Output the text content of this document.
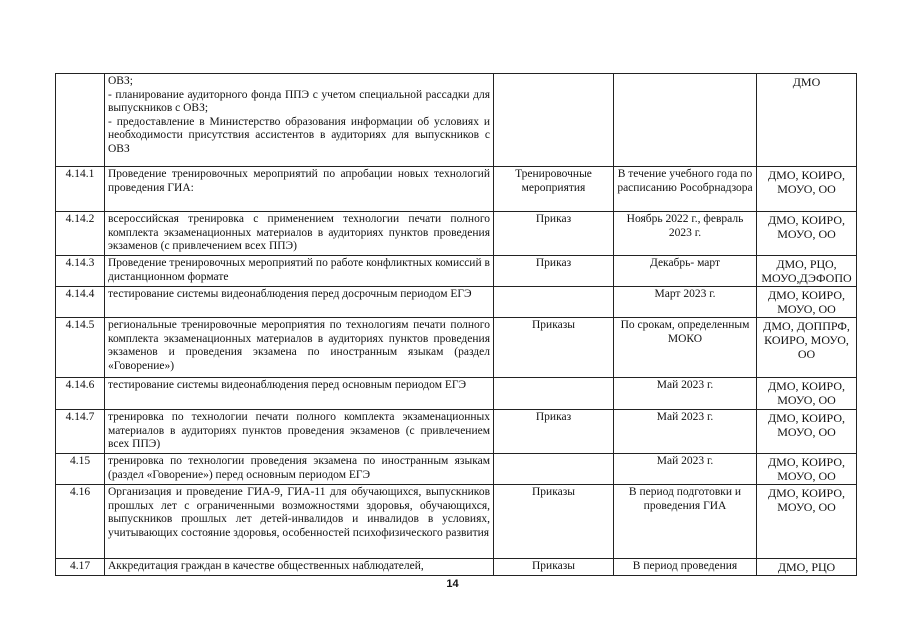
	ОВЗ;
- планирование аудиторного фонда ППЭ с учетом специальной рассадки для выпускников с ОВЗ;
- предоставление в Министерство образования информации об условиях и необходимости присутствия ассистентов в аудиториях для выпускников с ОВЗ			ДМО
4.14.1	Проведение тренировочных мероприятий по апробации новых технологий проведения ГИА:	Тренировочные мероприятия	В течение учебного года по расписанию Рособрнадзора	ДМО, КОИРО, МОУО, ОО
4.14.2	всероссийская тренировка с применением технологии печати полного комплекта экзаменационных материалов в аудиториях пунктов проведения экзаменов (с привлечением всех ППЭ)	Приказ	Ноябрь 2022 г., февраль 2023 г.	ДМО, КОИРО, МОУО, ОО
4.14.3	Проведение тренировочных мероприятий по работе конфликтных комиссий в дистанционном формате	Приказ	Декабрь- март	ДМО, РЦО, МОУО,ДЭФОПО
4.14.4	тестирование системы видеонаблюдения перед досрочным периодом ЕГЭ		Март 2023 г.	ДМО, КОИРО, МОУО, ОО
4.14.5	региональные тренировочные мероприятия по технологиям печати полного комплекта экзаменационных материалов в аудиториях пунктов проведения экзаменов и проведения экзамена по иностранным языкам (раздел «Говорение»)	Приказы	По срокам, определенным МОКО	ДМО, ДОППРФ, КОИРО, МОУО, ОО
4.14.6	тестирование системы видеонаблюдения перед основным периодом ЕГЭ		Май 2023 г.	ДМО, КОИРО, МОУО, ОО
4.14.7	тренировка по технологии печати полного комплекта экзаменационных материалов в аудиториях пунктов проведения экзаменов (с привлечением всех ППЭ)	Приказ	Май 2023 г.	ДМО, КОИРО, МОУО, ОО
4.15	тренировка по технологии проведения экзамена по иностранным языкам (раздел «Говорение») перед основным периодом ЕГЭ		Май 2023 г.	ДМО, КОИРО, МОУО, ОО
4.16	Организация и проведение ГИА-9, ГИА-11 для обучающихся, выпускников прошлых лет с ограниченными возможностями здоровья, обучающихся, выпускников прошлых лет детей-инвалидов и инвалидов в условиях, учитывающих состояние здоровья, особенностей психофизического развития	Приказы	В период подготовки и проведения ГИА	ДМО, КОИРО, МОУО, ОО
4.17	Аккредитация граждан в качестве общественных наблюдателей,	Приказы	В период проведения	ДМО, РЦО
14
